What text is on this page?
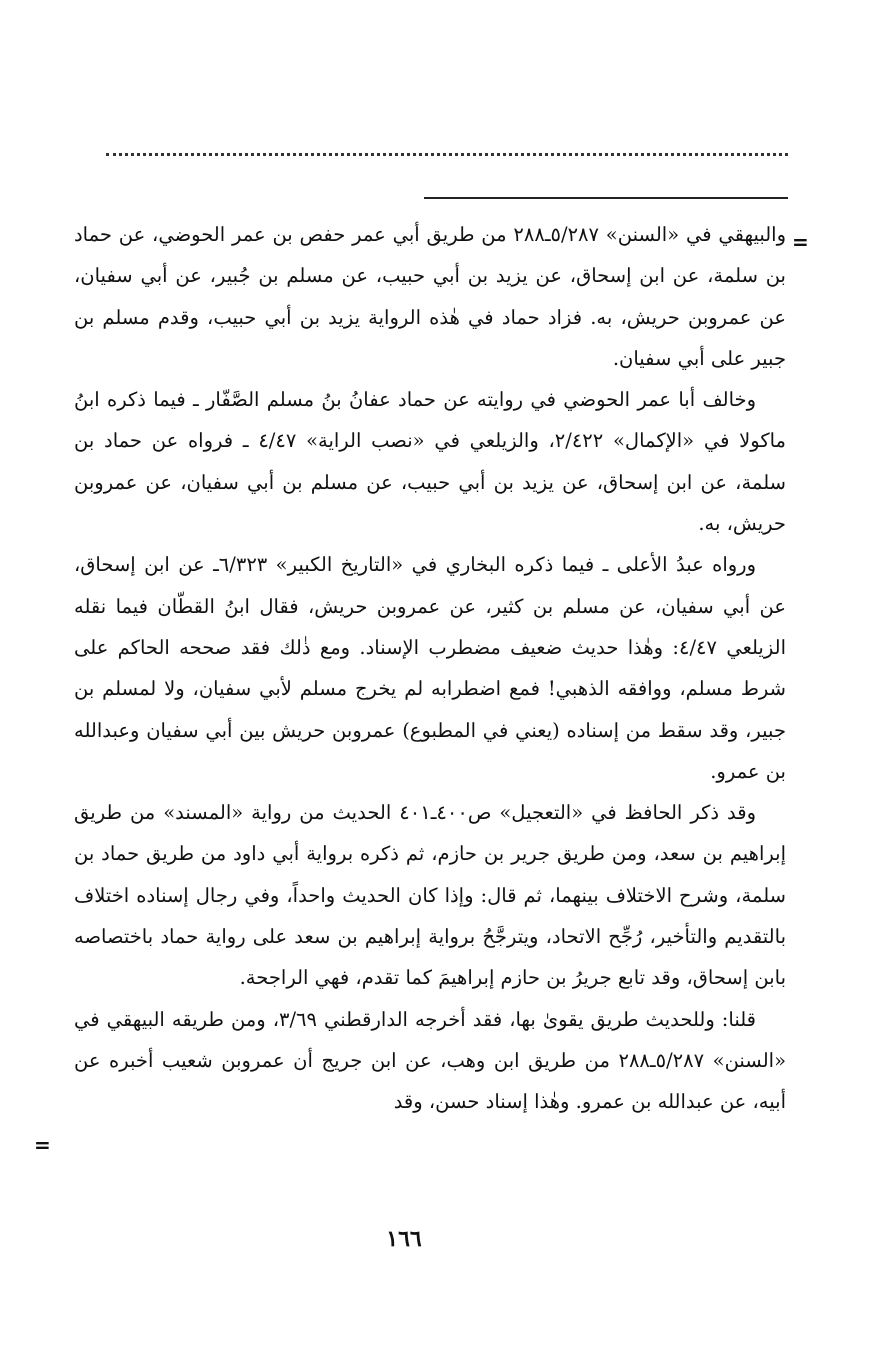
=

والبيهقي في «السنن» ٥/٢٨٧ـ٢٨٨ من طريق أبي عمر حفص بن عمر الحوضي، عن حماد بن سلمة، عن ابن إسحاق، عن يزيد بن أبي حبيب، عن مسلم بن جُبير، عن أبي سفيان، عن عمروبن حريش، به. فزاد حماد في هٰذه الرواية يزيد بن أبي حبيب، وقدم مسلم بن جبير على أبي سفيان.

وخالف أبا عمر الحوضي في روايته عن حماد عفانُ بنُ مسلم الصَّفّار ـ فيما ذكره ابنُ ماكولا في «الإكمال» ٢/٤٢٢، والزيلعي في «نصب الراية» ٤/٤٧ ـ فرواه عن حماد بن سلمة، عن ابن إسحاق، عن يزيد بن أبي حبيب، عن مسلم بن أبي سفيان، عن عمروبن حريش، به.

ورواه عبدُ الأعلى ـ فيما ذكره البخاري في «التاريخ الكبير» ٦/٣٢٣ـ عن ابن إسحاق، عن أبي سفيان، عن مسلم بن كثير، عن عمروبن حريش، فقال ابنُ القطّان فيما نقله الزيلعي ٤/٤٧: وهٰذا حديث ضعيف مضطرب الإسناد. ومع ذٰلك فقد صححه الحاكم على شرط مسلم، ووافقه الذهبي! فمع اضطرابه لم يخرج مسلم لأبي سفيان، ولا لمسلم بن جبير، وقد سقط من إسناده (يعني في المطبوع) عمروبن حريش بين أبي سفيان وعبدالله بن عمرو.

وقد ذكر الحافظ في «التعجيل» ص٤٠٠ـ٤٠١ الحديث من رواية «المسند» من طريق إبراهيم بن سعد، ومن طريق جرير بن حازم، ثم ذكره برواية أبي داود من طريق حماد بن سلمة، وشرح الاختلاف بينهما، ثم قال: وإذا كان الحديث واحداً، وفي رجال إسناده اختلاف بالتقديم والتأخير، رُجِّح الاتحاد، ويترجَّحُ برواية إبراهيم بن سعد على رواية حماد باختصاصه بابن إسحاق، وقد تابع جريرُ بن حازم إبراهيمَ كما تقدم، فهي الراجحة.

قلنا: وللحديث طريق يقوىٰ بها، فقد أخرجه الدارقطني ٣/٦٩، ومن طريقه البيهقي في «السنن» ٥/٢٨٧ـ٢٨٨ من طريق ابن وهب، عن ابن جريج أن عمروبن شعيب أخبره عن أبيه، عن عبدالله بن عمرو. وهٰذا إسناد حسن، وقد

=
١٦٦
